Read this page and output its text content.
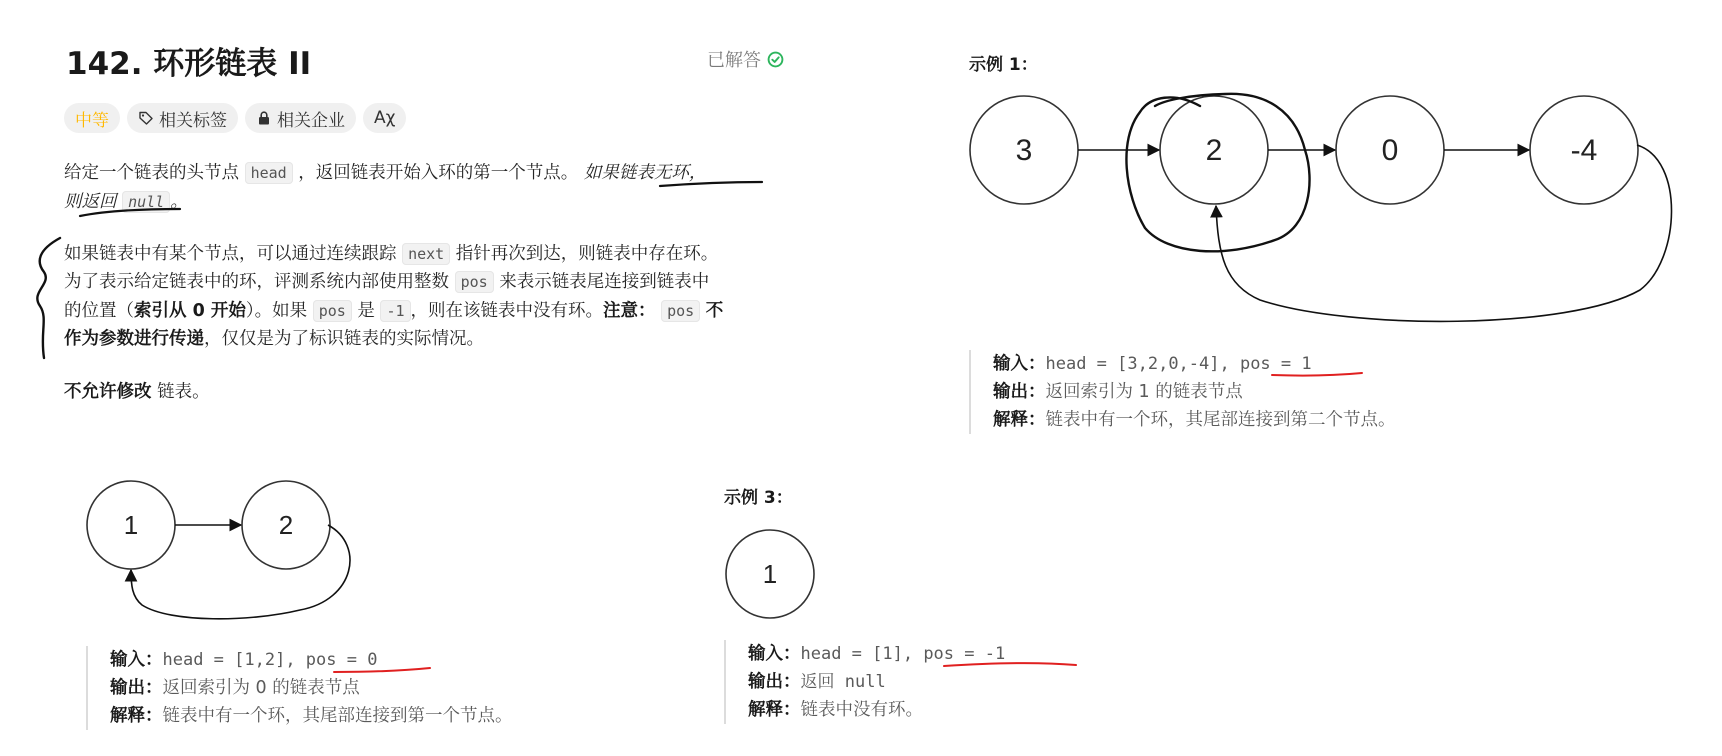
142. 环形链表 II	已解答
中等	相关标签	相关企业	Aχ
给定一个链表的头节点 head ，返回链表开始入环的第一个节点。 如果链表无环，
则返回 null 。
如果链表中有某个节点，可以通过连续跟踪 next 指针再次到达，则链表中存在环。
为了表示给定链表中的环，评测系统内部使用整数 pos 来表示链表尾连接到链表中
的位置（索引从 0 开始）。如果 pos 是 -1 ，则在该链表中没有环。注意： pos 不
作为参数进行传递，仅仅是为了标识链表的实际情况。
不允许修改 链表。
示例 1：
3	2	0	-4
输入：head = [3,2,0,-4], pos = 1
输出：返回索引为 1 的链表节点
解释：链表中有一个环，其尾部连接到第二个节点。
1	2
输入：head = [1,2], pos = 0
输出：返回索引为 0 的链表节点
解释：链表中有一个环，其尾部连接到第一个节点。
示例 3：
1
输入：head = [1], pos = -1
输出：返回 null
解释：链表中没有环。
